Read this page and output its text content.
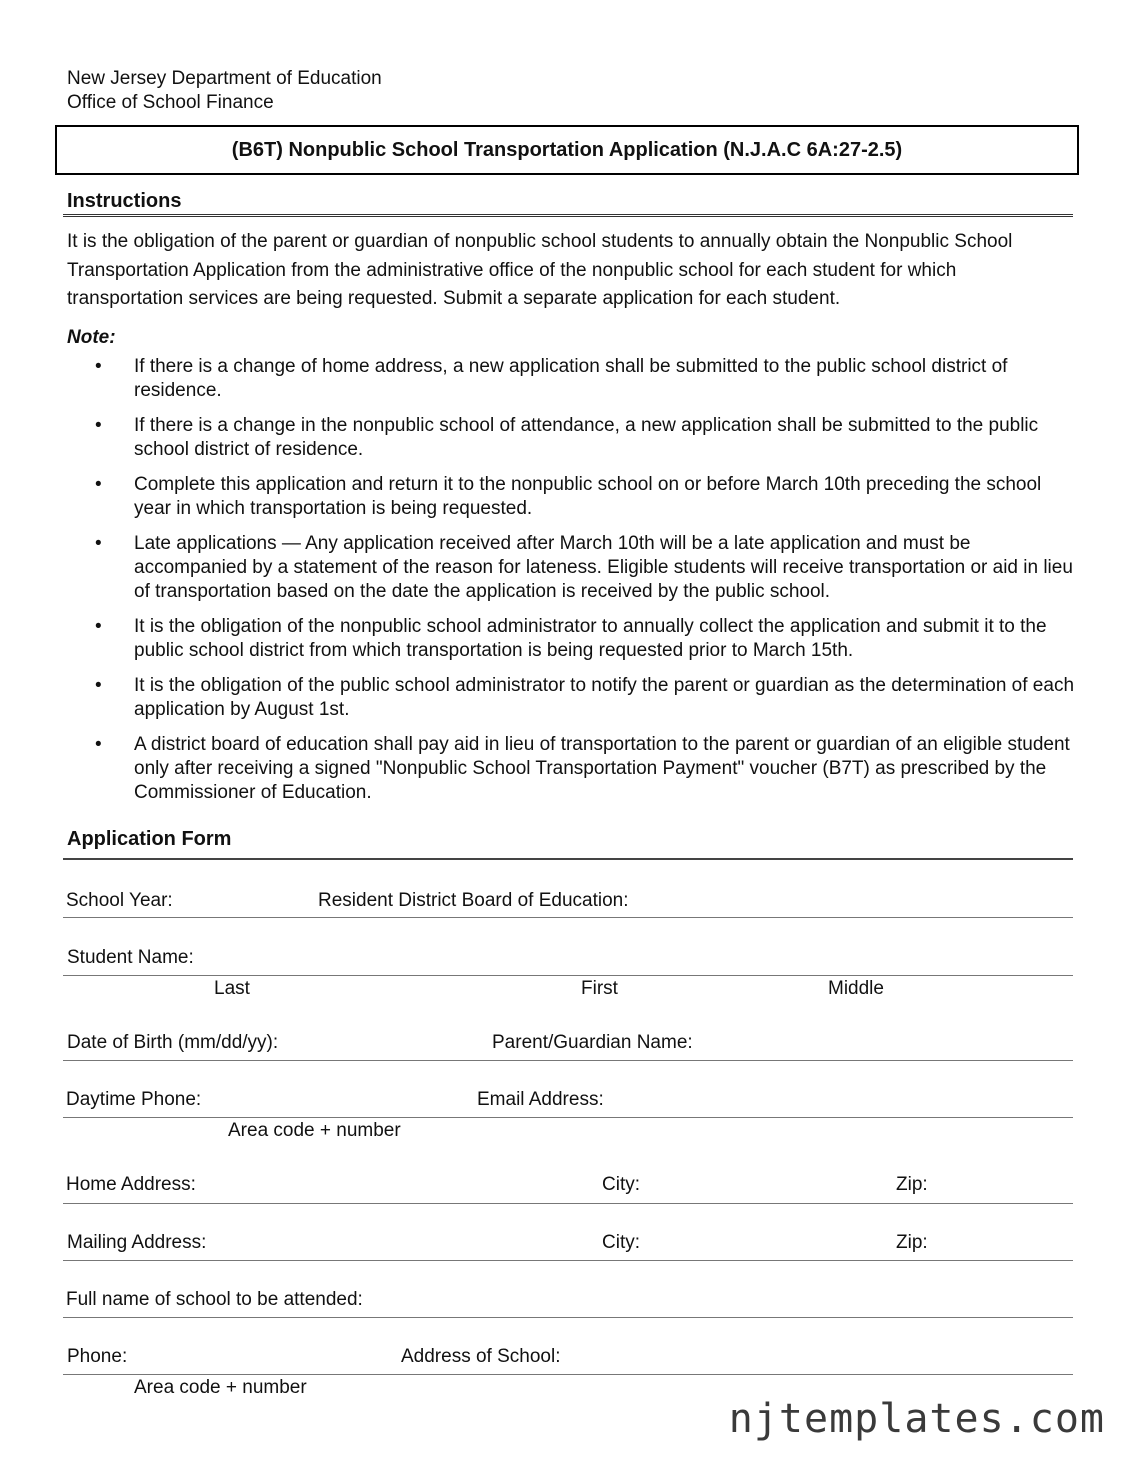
New Jersey Department of Education
Office of School Finance
(B6T) Nonpublic School Transportation Application (N.J.A.C 6A:27-2.5)
Instructions
It is the obligation of the parent or guardian of nonpublic school students to annually obtain the Nonpublic School Transportation Application from the administrative office of the nonpublic school for each student for which transportation services are being requested. Submit a separate application for each student.
Note:
• If there is a change of home address, a new application shall be submitted to the public school district of residence.
• If there is a change in the nonpublic school of attendance, a new application shall be submitted to the public school district of residence.
• Complete this application and return it to the nonpublic school on or before March 10th preceding the school year in which transportation is being requested.
• Late applications — Any application received after March 10th will be a late application and must be accompanied by a statement of the reason for lateness. Eligible students will receive transportation or aid in lieu of transportation based on the date the application is received by the public school.
• It is the obligation of the nonpublic school administrator to annually collect the application and submit it to the public school district from which transportation is being requested prior to March 15th.
• It is the obligation of the public school administrator to notify the parent or guardian as the determination of each application by August 1st.
• A district board of education shall pay aid in lieu of transportation to the parent or guardian of an eligible student only after receiving a signed "Nonpublic School Transportation Payment" voucher (B7T) as prescribed by the Commissioner of Education.
Application Form
School Year:	Resident District Board of Education:
Student Name:
Last	First	Middle
Date of Birth (mm/dd/yy):	Parent/Guardian Name:
Daytime Phone:	Email Address:
Area code + number
Home Address:	City:	Zip:
Mailing Address:	City:	Zip:
Full name of school to be attended:
Phone:	Address of School:
Area code + number
njtemplates.com
